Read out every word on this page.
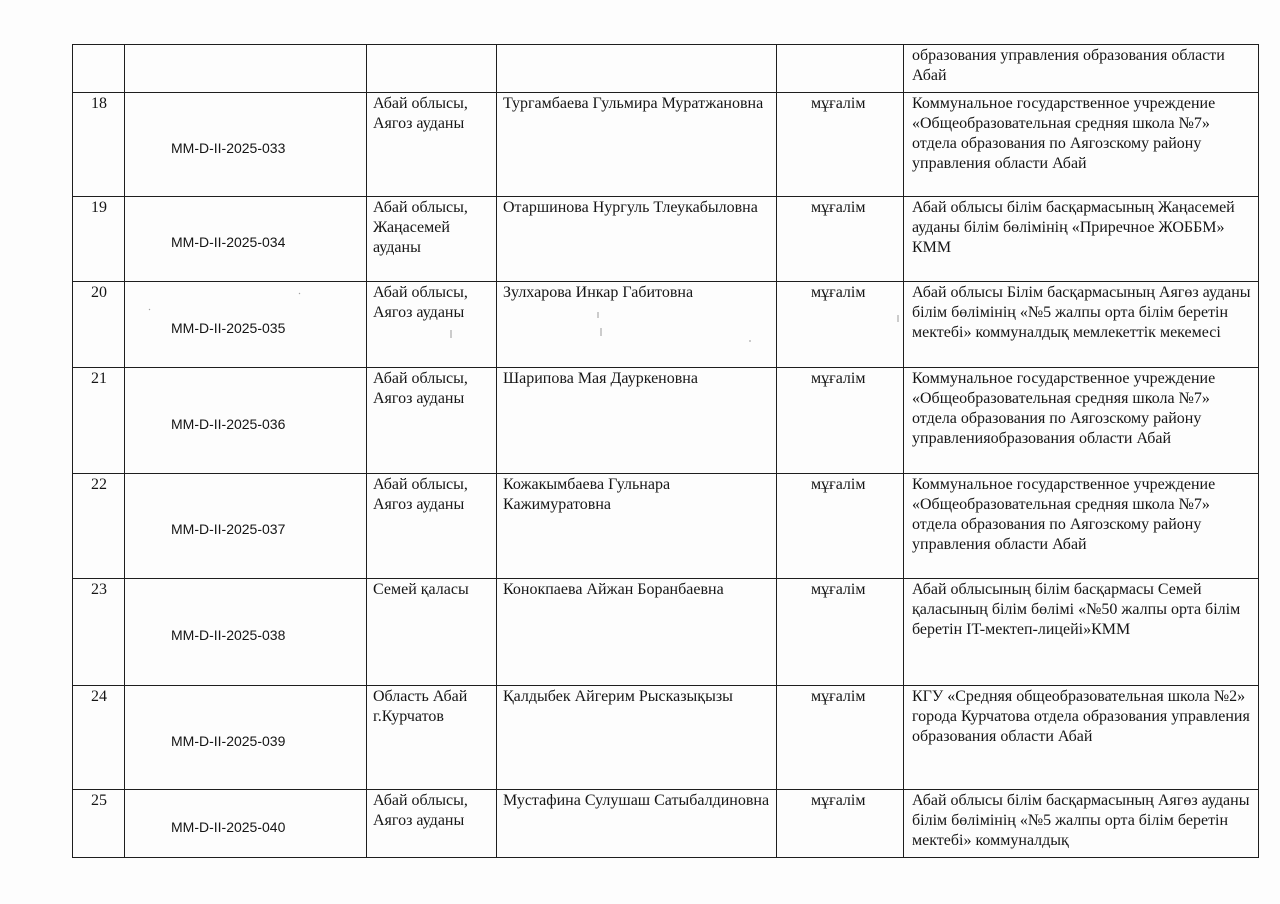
					образования управления образования области Абай
18	MM-D-II-2025-033	Абай облысы, Аягоз ауданы	Тургамбаева Гульмира Муратжановна	мұғалім	Коммунальное государственное учреждение «Общеобразовательная средняя школа №7» отдела образования по Аягозскому району управления области Абай
19	MM-D-II-2025-034	Абай облысы, Жаңасемей ауданы	Отаршинова Нургуль Тлеукабыловна	мұғалім	Абай облысы білім басқармасының Жаңасемей ауданы білім бөлімінің «Приречное ЖОББМ» КММ
20	MM-D-II-2025-035	Абай облысы, Аягоз ауданы	Зулхарова Инкар Габитовна	мұғалім	Абай облысы Білім басқармасының Аягөз ауданы білім бөлімінің «№5 жалпы орта білім беретін мектебі» коммуналдық мемлекеттік мекемесі
21	MM-D-II-2025-036	Абай облысы, Аягоз ауданы	Шарипова Мая Дауркеновна	мұғалім	Коммунальное государственное учреждение «Общеобразовательная средняя школа №7» отдела образования по Аягозскому району управленияобразования области Абай
22	MM-D-II-2025-037	Абай облысы, Аягоз ауданы	Кожакымбаева Гульнара Кажимуратовна	мұғалім	Коммунальное государственное учреждение «Общеобразовательная средняя школа №7» отдела образования по Аягозскому району управления области Абай
23	MM-D-II-2025-038	Семей қаласы	Конокпаева Айжан Боранбаевна	мұғалім	Абай облысының білім басқармасы Семей қаласының білім бөлімі «№50 жалпы орта білім беретін IT-мектеп-лицейі»КММ
24	MM-D-II-2025-039	Область Абай г.Курчатов	Қалдыбек Айгерим Рысказықызы	мұғалім	КГУ «Средняя общеобразовательная школа №2» города Курчатова отдела образования управления образования области Абай
25	MM-D-II-2025-040	Абай облысы, Аягоз ауданы	Мустафина Сулушаш Сатыбалдиновна	мұғалім	Абай облысы білім басқармасының Аягөз ауданы білім бөлімінің «№5 жалпы орта білім беретін мектебі» коммуналдық
